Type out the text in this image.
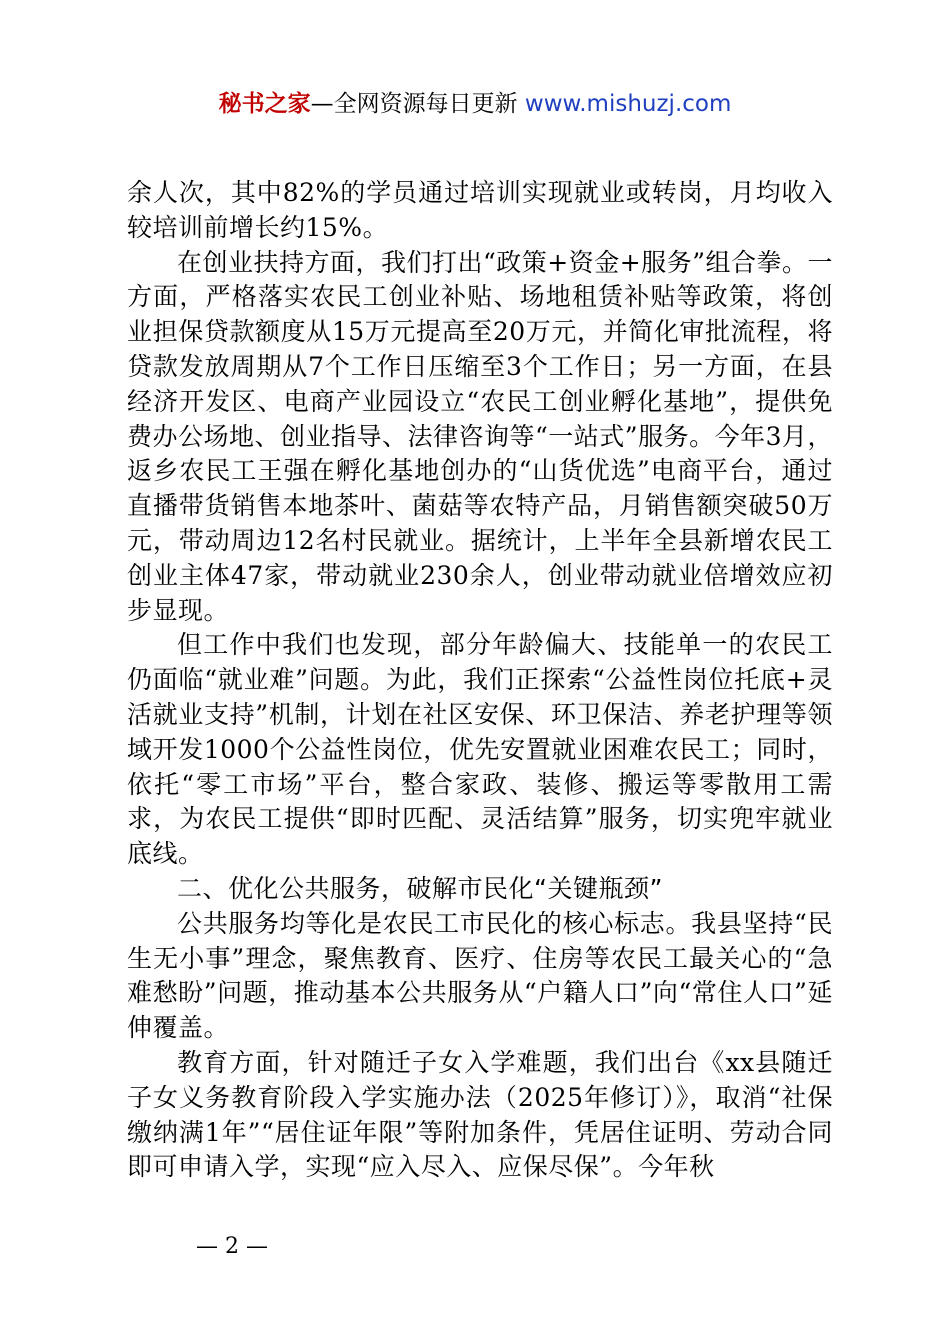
秘书之家—全网资源每日更新 www.mishuzj.com

余人次，其中82%的学员通过培训实现就业或转岗，月均收入较培训前增长约15%。

在创业扶持方面，我们打出“政策+资金+服务”组合拳。一方面，严格落实农民工创业补贴、场地租赁补贴等政策，将创业担保贷款额度从15万元提高至20万元，并简化审批流程，将贷款发放周期从7个工作日压缩至3个工作日；另一方面，在县经济开发区、电商产业园设立“农民工创业孵化基地”，提供免费办公场地、创业指导、法律咨询等“一站式”服务。今年3月，返乡农民工王强在孵化基地创办的“山货优选”电商平台，通过直播带货销售本地茶叶、菌菇等农特产品，月销售额突破50万元，带动周边12名村民就业。据统计，上半年全县新增农民工创业主体47家，带动就业230余人，创业带动就业倍增效应初步显现。

但工作中我们也发现，部分年龄偏大、技能单一的农民工仍面临“就业难”问题。为此，我们正探索“公益性岗位托底+灵活就业支持”机制，计划在社区安保、环卫保洁、养老护理等领域开发1000个公益性岗位，优先安置就业困难农民工；同时，依托“零工市场”平台，整合家政、装修、搬运等零散用工需求，为农民工提供“即时匹配、灵活结算”服务，切实兜牢就业底线。

二、优化公共服务，破解市民化“关键瓶颈”

公共服务均等化是农民工市民化的核心标志。我县坚持“民生无小事”理念，聚焦教育、医疗、住房等农民工最关心的“急难愁盼”问题，推动基本公共服务从“户籍人口”向“常住人口”延伸覆盖。

教育方面，针对随迁子女入学难题，我们出台《xx县随迁子女义务教育阶段入学实施办法（2025年修订）》，取消“社保缴纳满1年”“居住证年限”等附加条件，凭居住证明、劳动合同即可申请入学，实现“应入尽入、应保尽保”。今年秋

— 2 —
